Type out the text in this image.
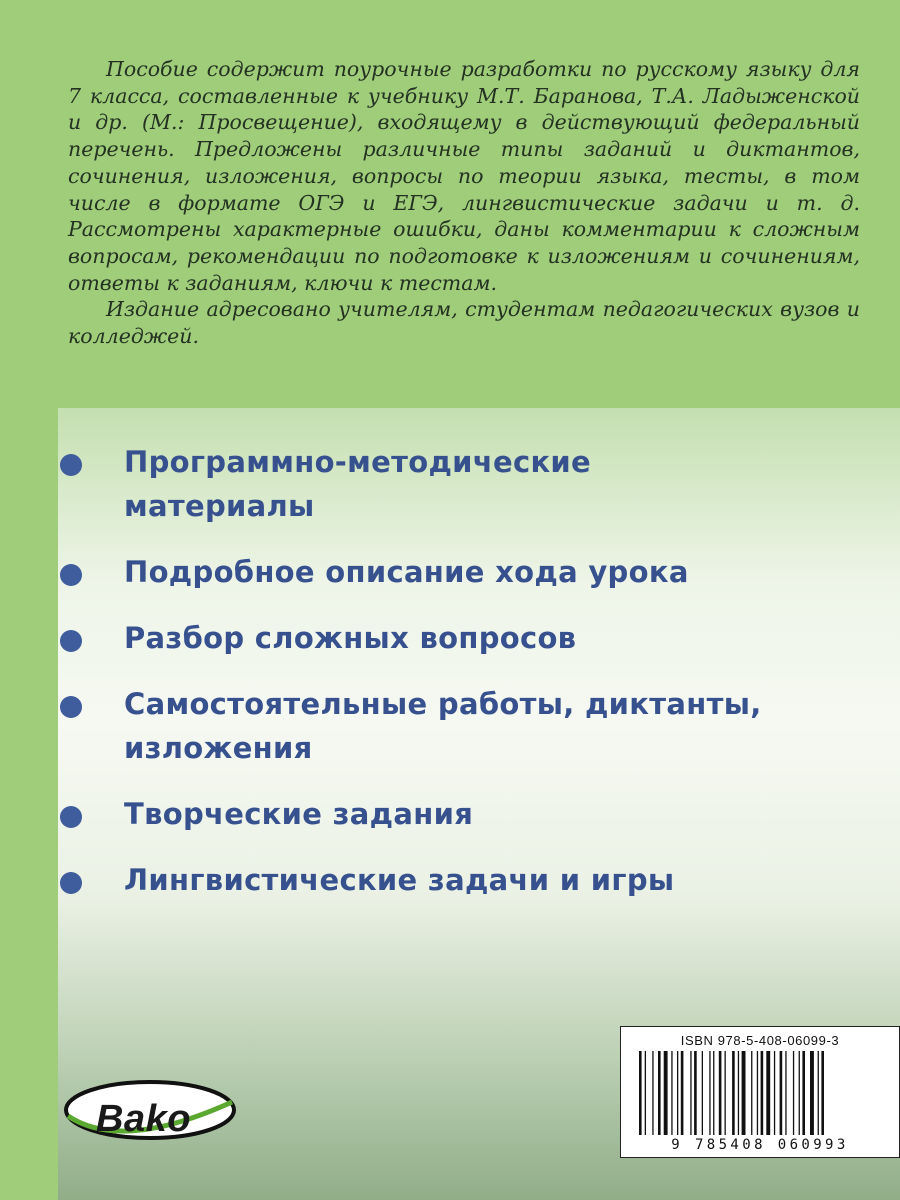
Пособие содержит поурочные разработки по русскому языку для 7 класса, составленные к учебнику М.Т. Баранова, Т.А. Ладыженской и др. (М.: Просвещение), входящему в действующий федеральный перечень. Предложены различные типы заданий и диктантов, сочинения, изложения, вопросы по теории языка, тесты, в том числе в формате ОГЭ и ЕГЭ, лингвистические задачи и т. д. Рассмотрены характерные ошибки, даны комментарии к сложным вопросам, рекомендации по подготовке к изложениям и сочинениям, ответы к заданиям, ключи к тестам.

Издание адресовано учителям, студентам педагогических вузов и колледжей.

Программно-методические материалы
Подробное описание хода урока
Разбор сложных вопросов
Самостоятельные работы, диктанты, изложения
Творческие задания
Лингвистические задачи и игры
ISBN 978-5-408-06099-3
9 785408 060993
Bako
